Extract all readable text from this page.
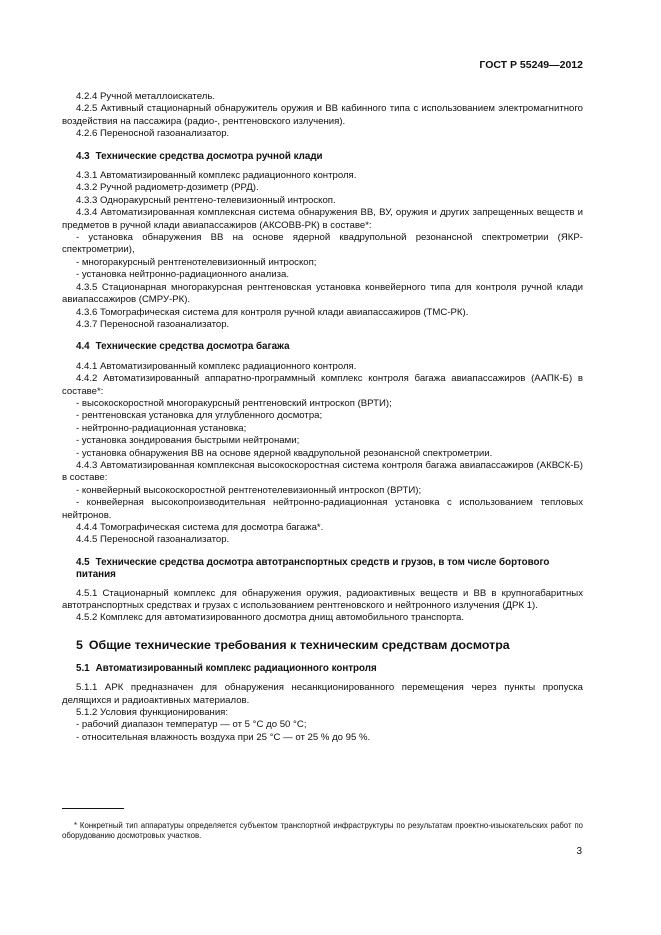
ГОСТ Р 55249—2012

4.2.4 Ручной металлоискатель.

4.2.5 Активный стационарный обнаружитель оружия и ВВ кабинного типа с использованием электромагнитного воздействия на пассажира (радио-, рентгеновского излучения).

4.2.6 Переносной газоанализатор.

4.3 Технические средства досмотра ручной клади

4.3.1 Автоматизированный комплекс радиационного контроля.

4.3.2 Ручной радиометр-дозиметр (РРД).

4.3.3 Однoракурсный рентгено-телевизионный интроскоп.

4.3.4 Автоматизированная комплексная система обнаружения ВВ, ВУ, оружия и других запрещенных веществ и предметов в ручной клади авиапассажиров (АКСОВВ-РК) в составе*:

- установка обнаружения ВВ на основе ядерной квадрупольной резонансной спектрометрии (ЯКР-спектрометрии),

- многоракурсный рентгенотелевизионный интроскоп;

- установка нейтронно-радиационного анализа.

4.3.5 Стационарная многоракурсная рентгеновская установка конвейерного типа для контроля ручной клади авиапассажиров (СМРУ-РК).

4.3.6 Томографическая система для контроля ручной клади авиапассажиров (ТМС-РК).

4.3.7 Переносной газоанализатор.

4.4 Технические средства досмотра багажа

4.4.1 Автоматизированный комплекс радиационного контроля.

4.4.2 Автоматизированный аппаратно-программный комплекс контроля багажа авиапассажиров (ААПК-Б) в составе*:

- высокоскоростной многоракурсный рентгеновский интроскоп (ВРТИ);

- рентгеновская установка для углубленного досмотра;

- нейтронно-радиационная установка;

- установка зондирования быстрыми нейтронами;

- установка обнаружения ВВ на основе ядерной квадрупольной резонансной спектрометрии.

4.4.3 Автоматизированная комплексная высокоскоростная система контроля багажа авиапассажиров (АКВСК-Б) в составе:

- конвейерный высокоскоростной рентгенотелевизионный интроскоп (ВРТИ);

- конвейерная высокопроизводительная нейтронно-радиационная установка с использованием тепловых нейтронов.

4.4.4 Томографическая система для досмотра багажа*.

4.4.5 Переносной газоанализатор.

4.5 Технические средства досмотра автотранспортных средств и грузов, в том числе бортового питания

4.5.1 Стационарный комплекс для обнаружения оружия, радиоактивных веществ и ВВ в крупногабаритных автотранспортных средствах и грузах с использованием рентгеновского и нейтронного излучения (ДРК 1).

4.5.2 Комплекс для автоматизированного досмотра днищ автомобильного транспорта.

5 Общие технические требования к техническим средствам досмотра
5.1 Автоматизированный комплекс радиационного контроля

5.1.1 АРК предназначен для обнаружения несанкционированного перемещения через пункты пропуска делящихся и радиоактивных материалов.

5.1.2 Условия функционирования:

- рабочий диапазон температур — от 5 °С до 50 °С;

- относительная влажность воздуха при 25 °С — от 25 % до 95 %.

* Конкретный тип аппаратуры определяется субъектом транспортной инфраструктуры по результатам проектно-изыскательских работ по оборудованию досмотровых участков.

3
